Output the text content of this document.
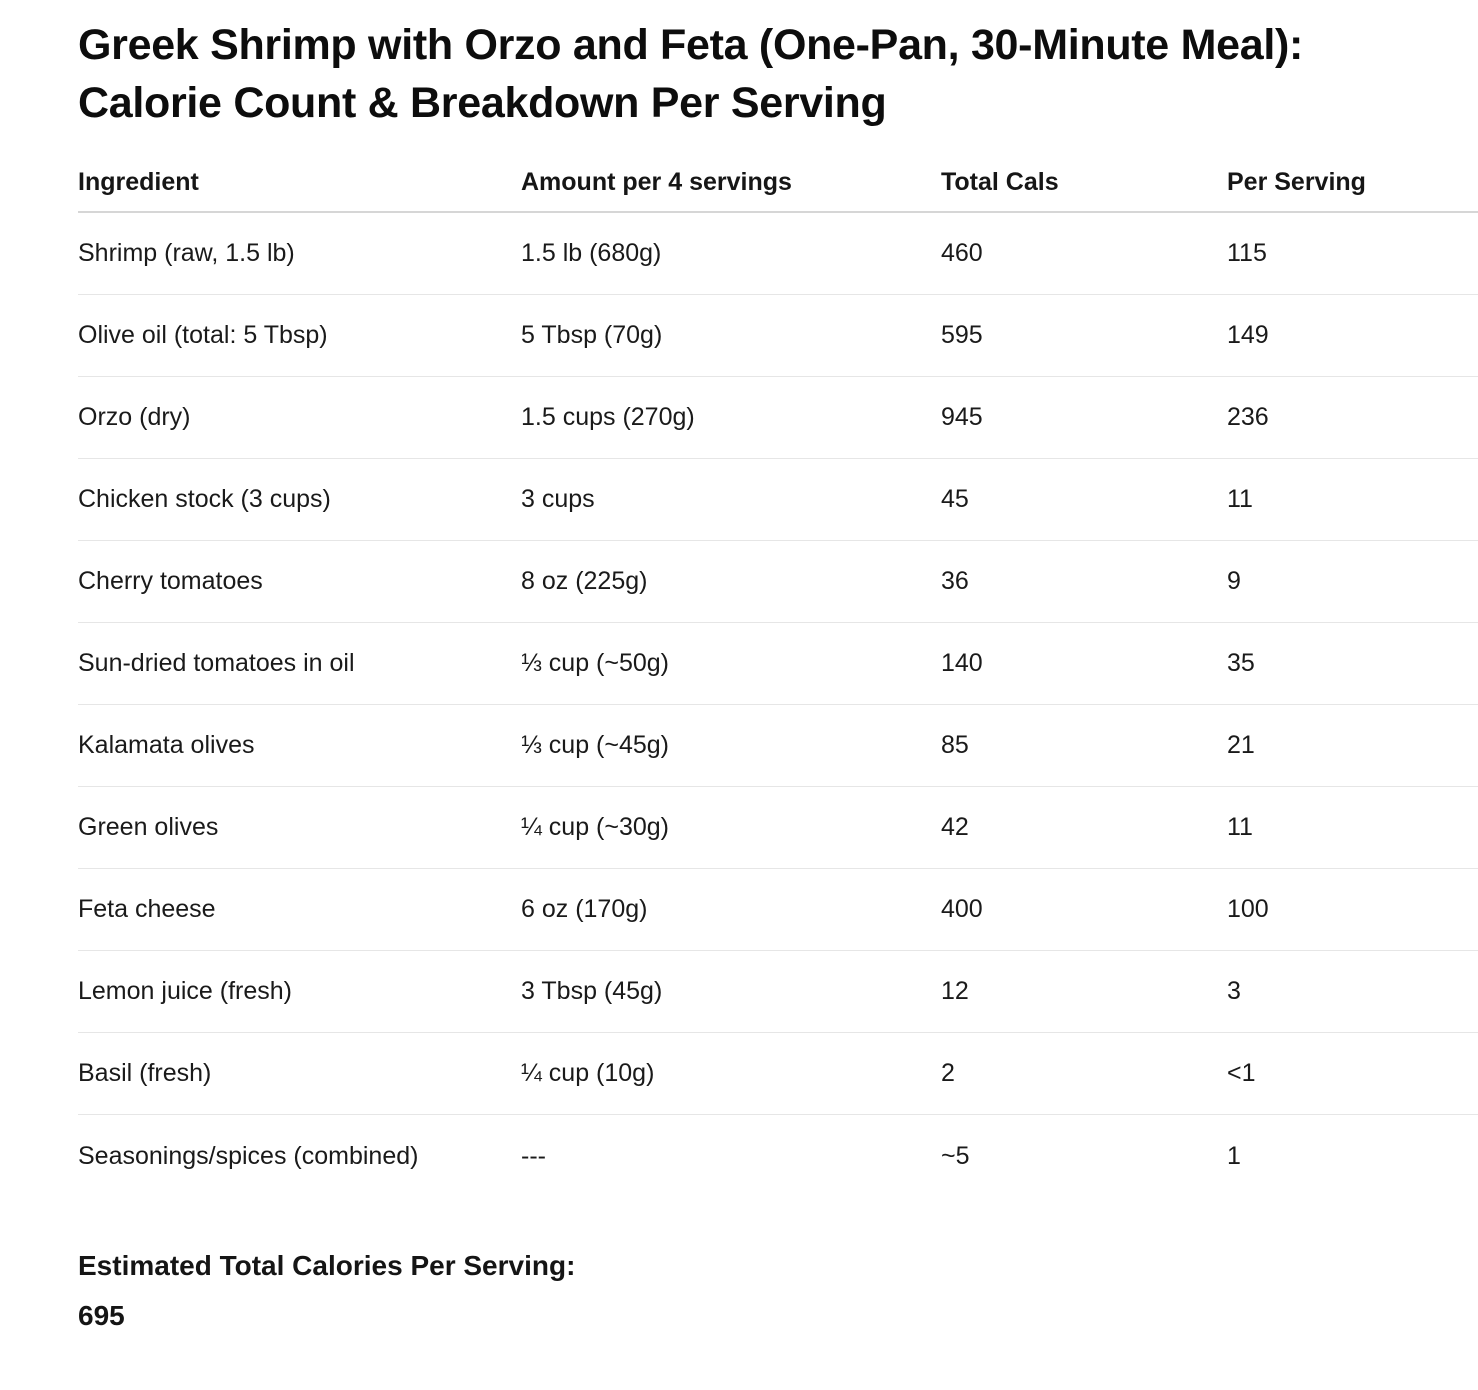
Greek Shrimp with Orzo and Feta (One-Pan, 30-Minute Meal): Calorie Count & Breakdown Per Serving
Ingredient	Amount per 4 servings	Total Cals	Per Serving
Shrimp (raw, 1.5 lb)	1.5 lb (680g)	460	115
Olive oil (total: 5 Tbsp)	5 Tbsp (70g)	595	149
Orzo (dry)	1.5 cups (270g)	945	236
Chicken stock (3 cups)	3 cups	45	11
Cherry tomatoes	8 oz (225g)	36	9
Sun-dried tomatoes in oil	⅓ cup (~50g)	140	35
Kalamata olives	⅓ cup (~45g)	85	21
Green olives	¼ cup (~30g)	42	11
Feta cheese	6 oz (170g)	400	100
Lemon juice (fresh)	3 Tbsp (45g)	12	3
Basil (fresh)	¼ cup (10g)	2	<1
Seasonings/spices (combined)	---	~5	1
Estimated Total Calories Per Serving:
695
